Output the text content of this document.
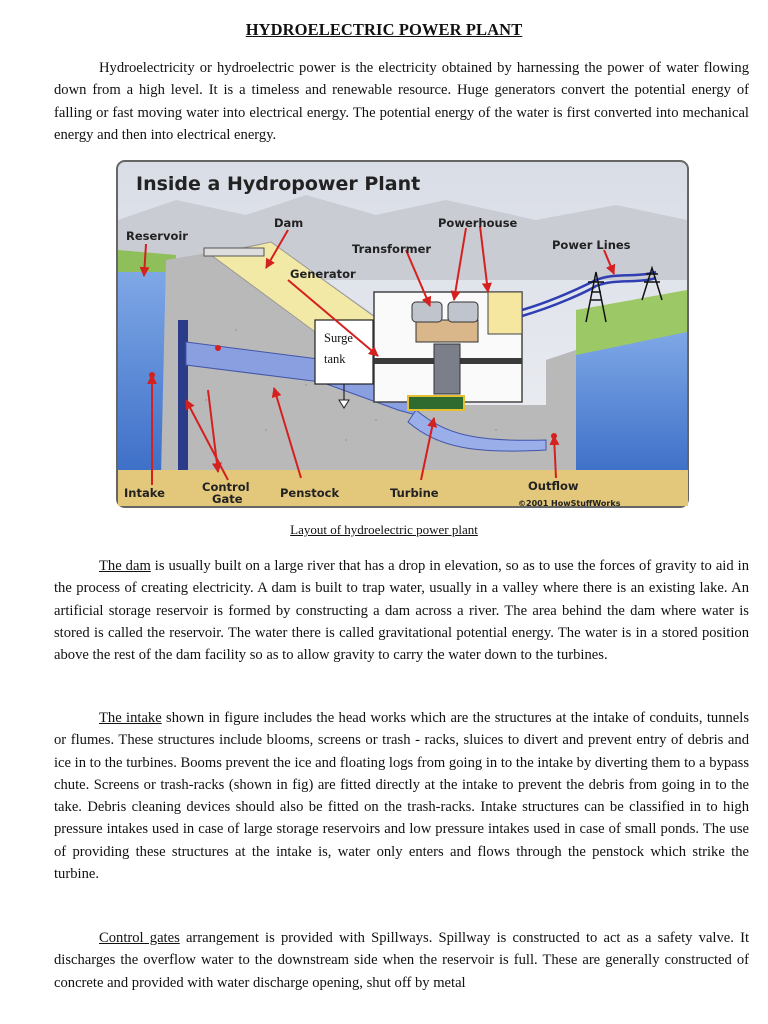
HYDROELECTRIC POWER PLANT

Hydroelectricity or hydroelectric power is the electricity obtained by harnessing the power of water flowing down from a high level. It is a timeless and renewable resource. Huge generators convert the potential energy of falling or fast moving water into electrical energy. The potential energy of the water is first converted into mechanical energy and then into electrical energy.

Inside a Hydropower Plant
Reservoir
Dam	Powerhouse
Transformer	Power Lines
Generator
Surge
tank
Intake	Control
Gate	Penstock	Turbine	Outflow
©2001 HowStuffWorks
Layout of hydroelectric power plant

The dam is usually built on a large river that has a drop in elevation, so as to use the forces of gravity to aid in the process of creating electricity. A dam is built to trap water, usually in a valley where there is an existing lake. An artificial storage reservoir is formed by constructing a dam across a river. The area behind the dam where water is stored is called the reservoir. The water there is called gravitational potential energy. The water is in a stored position above the rest of the dam facility so as to allow gravity to carry the water down to the turbines.

The intake shown in figure includes the head works which are the structures at the intake of conduits, tunnels or flumes. These structures include blooms, screens or trash - racks, sluices to divert and prevent entry of debris and ice in to the turbines. Booms prevent the ice and floating logs from going in to the intake by diverting them to a bypass chute. Screens or trash-racks (shown in fig) are fitted directly at the intake to prevent the debris from going in to the take. Debris cleaning devices should also be fitted on the trash-racks. Intake structures can be classified in to high pressure intakes used in case of large storage reservoirs and low pressure intakes used in case of small ponds. The use of providing these structures at the intake is, water only enters and flows through the penstock which strike the turbine.

Control gates arrangement is provided with Spillways. Spillway is constructed to act as a safety valve. It discharges the overflow water to the downstream side when the reservoir is full. These are generally constructed of concrete and provided with water discharge opening, shut off by metal
